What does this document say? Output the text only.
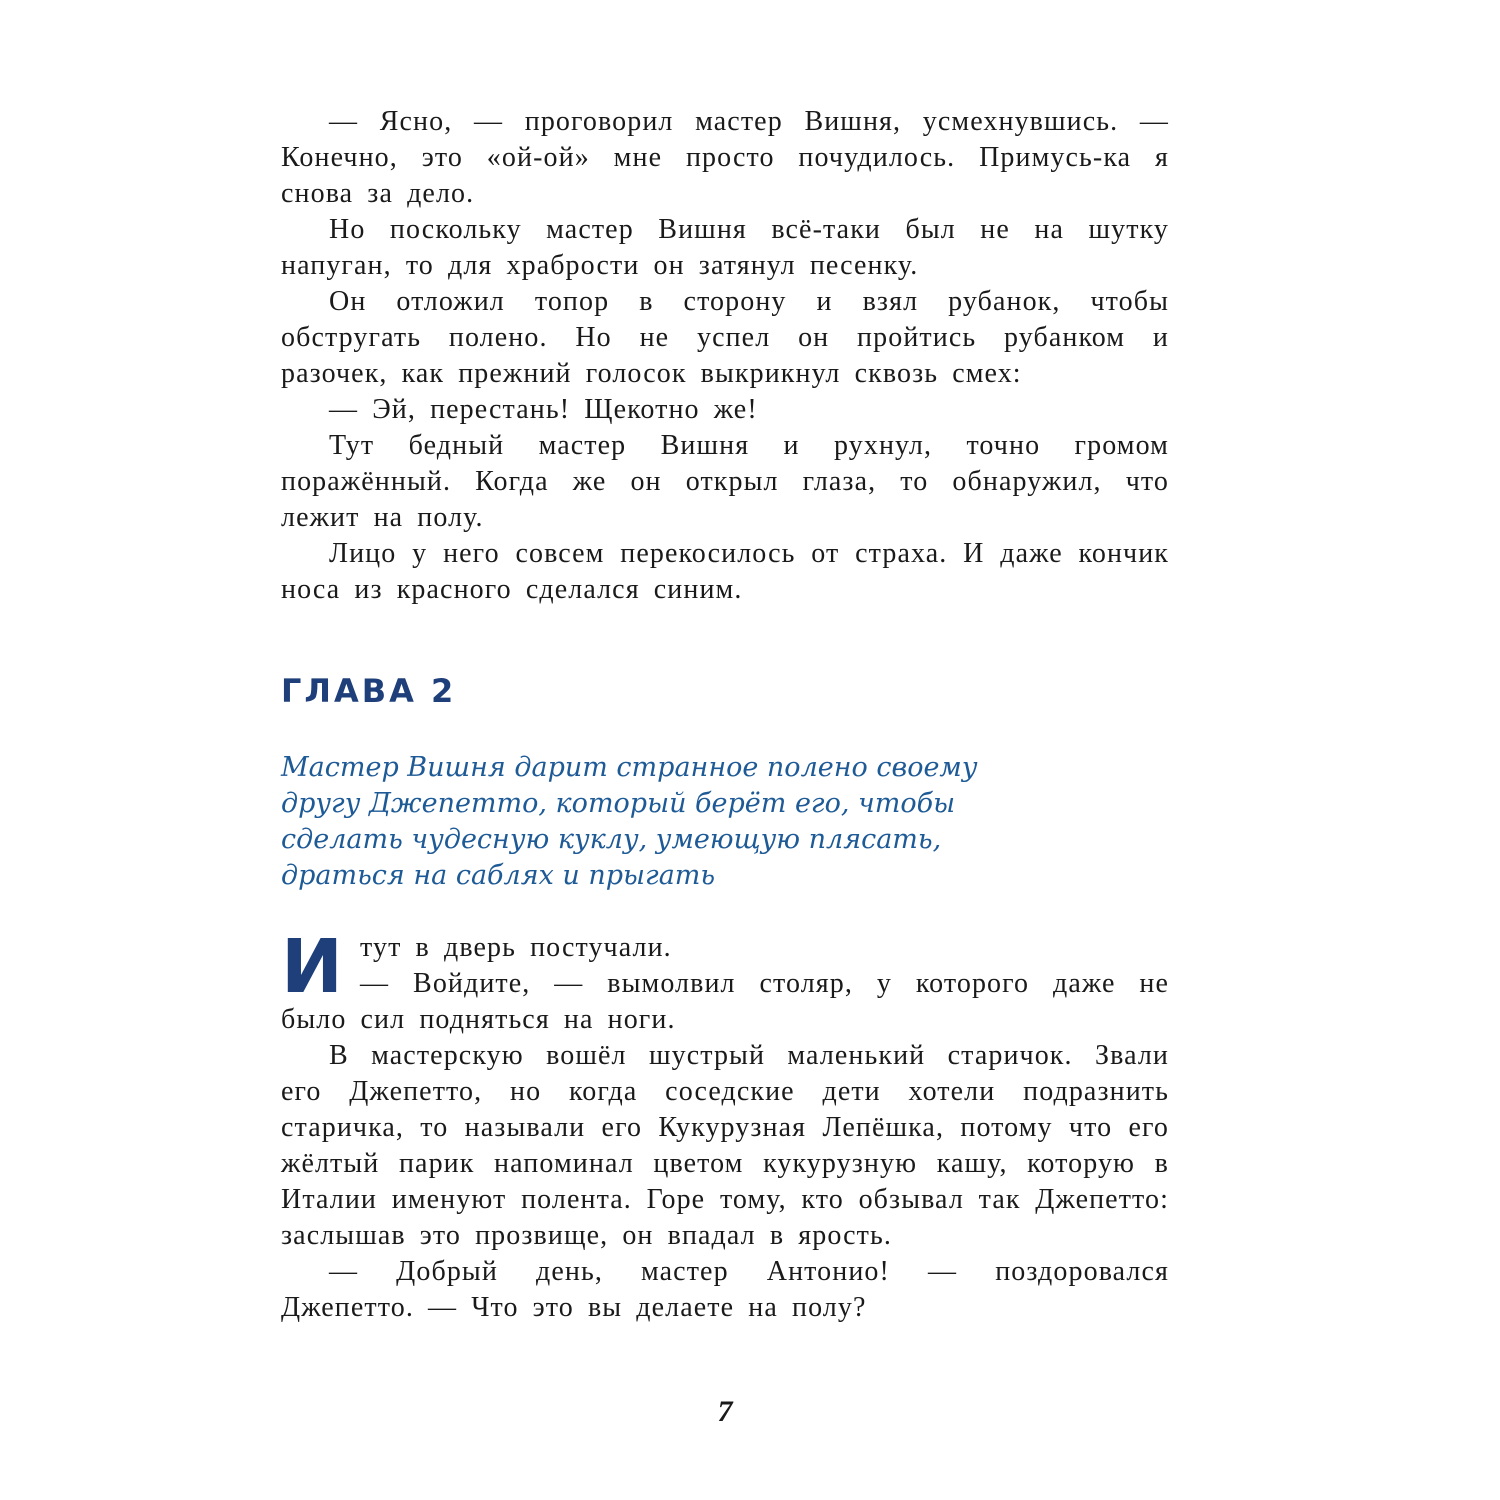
— Ясно, — проговорил мастер Вишня, усмехнувшись. — Конечно, это «ой-ой» мне просто почудилось. Примусь-ка я снова за дело.

Но поскольку мастер Вишня всё-таки был не на шутку напуган, то для храбрости он затянул песенку.

Он отложил топор в сторону и взял рубанок, чтобы обстругать полено. Но не успел он пройтись рубанком и разочек, как прежний голосок выкрикнул сквозь смех:

— Эй, перестань! Щекотно же!

Тут бедный мастер Вишня и рухнул, точно громом поражённый. Когда же он открыл глаза, то обнаружил, что лежит на полу.

Лицо у него совсем перекосилось от страха. И даже кончик носа из красного сделался синим.

ГЛАВА 2

Мастер Вишня дарит странное полено своему другу Джепетто, который берёт его, чтобы сделать чудесную куклу, умеющую плясать, драться на саблях и прыгать

Итут в дверь постучали.

— Войдите, — вымолвил столяр, у которого даже не было сил подняться на ноги.

В мастерскую вошёл шустрый маленький старичок. Звали его Джепетто, но когда соседские дети хотели подразнить старичка, то называли его Кукурузная Лепёшка, потому что его жёлтый парик напоминал цветом кукурузную кашу, которую в Италии именуют полента. Горе тому, кто обзывал так Джепетто: заслышав это прозвище, он впадал в ярость.

— Добрый день, мастер Антонио! — поздоровался Джепетто. — Что это вы делаете на полу?

7
